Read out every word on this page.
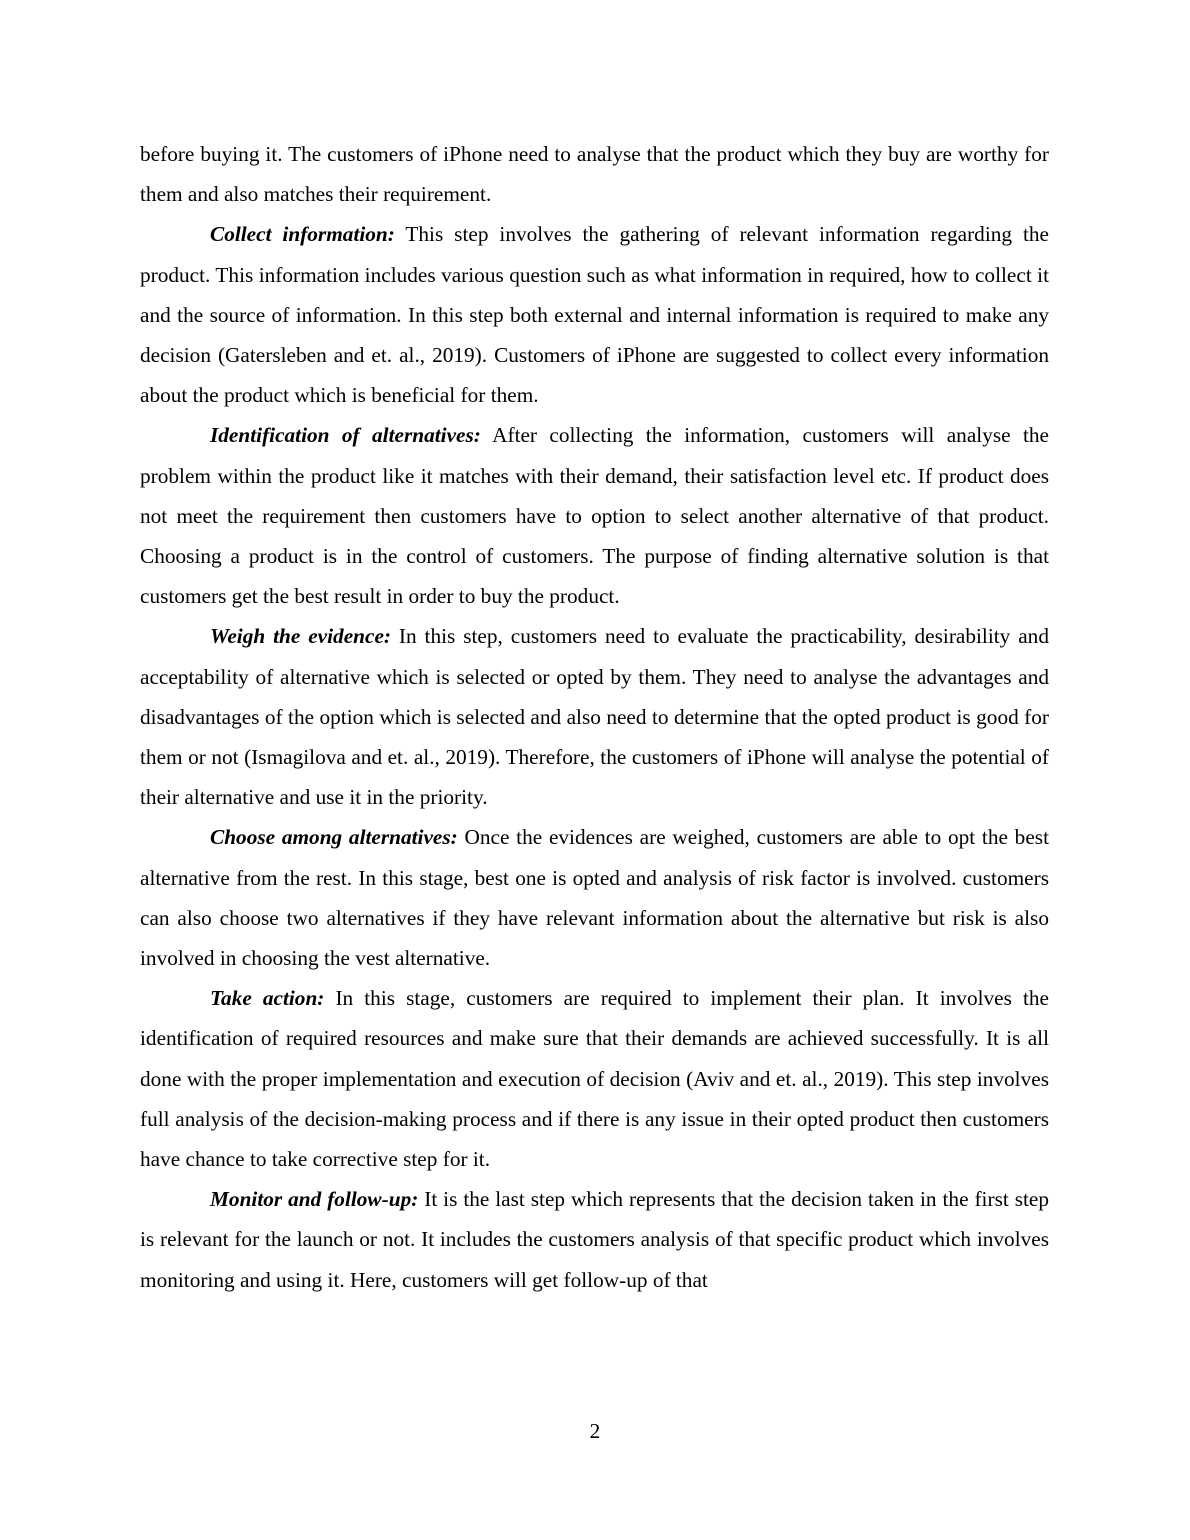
before buying it. The customers of iPhone need to analyse that the product which they buy are worthy for them and also matches their requirement.

Collect information: This step involves the gathering of relevant information regarding the product. This information includes various question such as what information in required, how to collect it and the source of information. In this step both external and internal information is required to make any decision (Gatersleben and et. al., 2019). Customers of iPhone are suggested to collect every information about the product which is beneficial for them.

Identification of alternatives: After collecting the information, customers will analyse the problem within the product like it matches with their demand, their satisfaction level etc. If product does not meet the requirement then customers have to option to select another alternative of that product. Choosing a product is in the control of customers. The purpose of finding alternative solution is that customers get the best result in order to buy the product.

Weigh the evidence: In this step, customers need to evaluate the practicability, desirability and acceptability of alternative which is selected or opted by them. They need to analyse the advantages and disadvantages of the option which is selected and also need to determine that the opted product is good for them or not (Ismagilova and et. al., 2019). Therefore, the customers of iPhone will analyse the potential of their alternative and use it in the priority.

Choose among alternatives: Once the evidences are weighed, customers are able to opt the best alternative from the rest. In this stage, best one is opted and analysis of risk factor is involved. customers can also choose two alternatives if they have relevant information about the alternative but risk is also involved in choosing the vest alternative.

Take action: In this stage, customers are required to implement their plan. It involves the identification of required resources and make sure that their demands are achieved successfully. It is all done with the proper implementation and execution of decision (Aviv and et. al., 2019). This step involves full analysis of the decision-making process and if there is any issue in their opted product then customers have chance to take corrective step for it.

Monitor and follow-up: It is the last step which represents that the decision taken in the first step is relevant for the launch or not. It includes the customers analysis of that specific product which involves monitoring and using it. Here, customers will get follow-up of that

2
